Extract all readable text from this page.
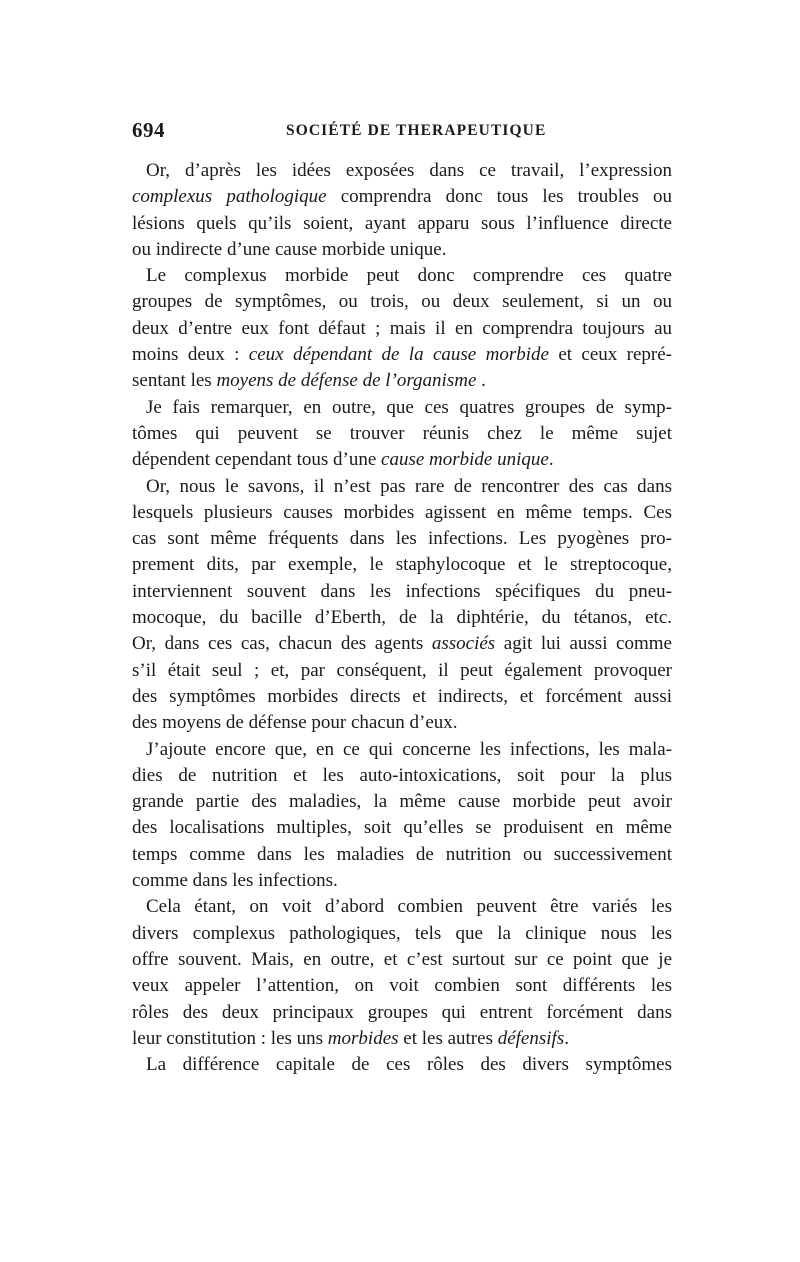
694	SOCIÉTÉ DE THERAPEUTIQUE
Or, d’après les idées exposées dans ce travail, l’expression
complexus pathologique comprendra donc tous les troubles ou
lésions quels qu’ils soient, ayant apparu sous l’influence directe
ou indirecte d’une cause morbide unique.
Le complexus morbide peut donc comprendre ces quatre
groupes de symptômes, ou trois, ou deux seulement, si un ou
deux d’entre eux font défaut ; mais il en comprendra toujours au
moins deux : ceux dépendant de la cause morbide et ceux repré-
sentant les moyens de défense de l’organisme .
Je fais remarquer, en outre, que ces quatres groupes de symp-
tômes qui peuvent se trouver réunis chez le même sujet
dépendent cependant tous d’une cause morbide unique.
Or, nous le savons, il n’est pas rare de rencontrer des cas dans
lesquels plusieurs causes morbides agissent en même temps. Ces
cas sont même fréquents dans les infections. Les pyogènes pro-
prement dits, par exemple, le staphylocoque et le streptocoque,
interviennent souvent dans les infections spécifiques du pneu-
mocoque, du bacille d’Eberth, de la diphtérie, du tétanos, etc.
Or, dans ces cas, chacun des agents associés agit lui aussi comme
s’il était seul ; et, par conséquent, il peut également provoquer
des symptômes morbides directs et indirects, et forcément aussi
des moyens de défense pour chacun d’eux.
J’ajoute encore que, en ce qui concerne les infections, les mala-
dies de nutrition et les auto-intoxications, soit pour la plus
grande partie des maladies, la même cause morbide peut avoir
des localisations multiples, soit qu’elles se produisent en même
temps comme dans les maladies de nutrition ou successivement
comme dans les infections.
Cela étant, on voit d’abord combien peuvent être variés les
divers complexus pathologiques, tels que la clinique nous les
offre souvent. Mais, en outre, et c’est surtout sur ce point que je
veux appeler l’attention, on voit combien sont différents les
rôles des deux principaux groupes qui entrent forcément dans
leur constitution : les uns morbides et les autres défensifs.
La différence capitale de ces rôles des divers symptômes
